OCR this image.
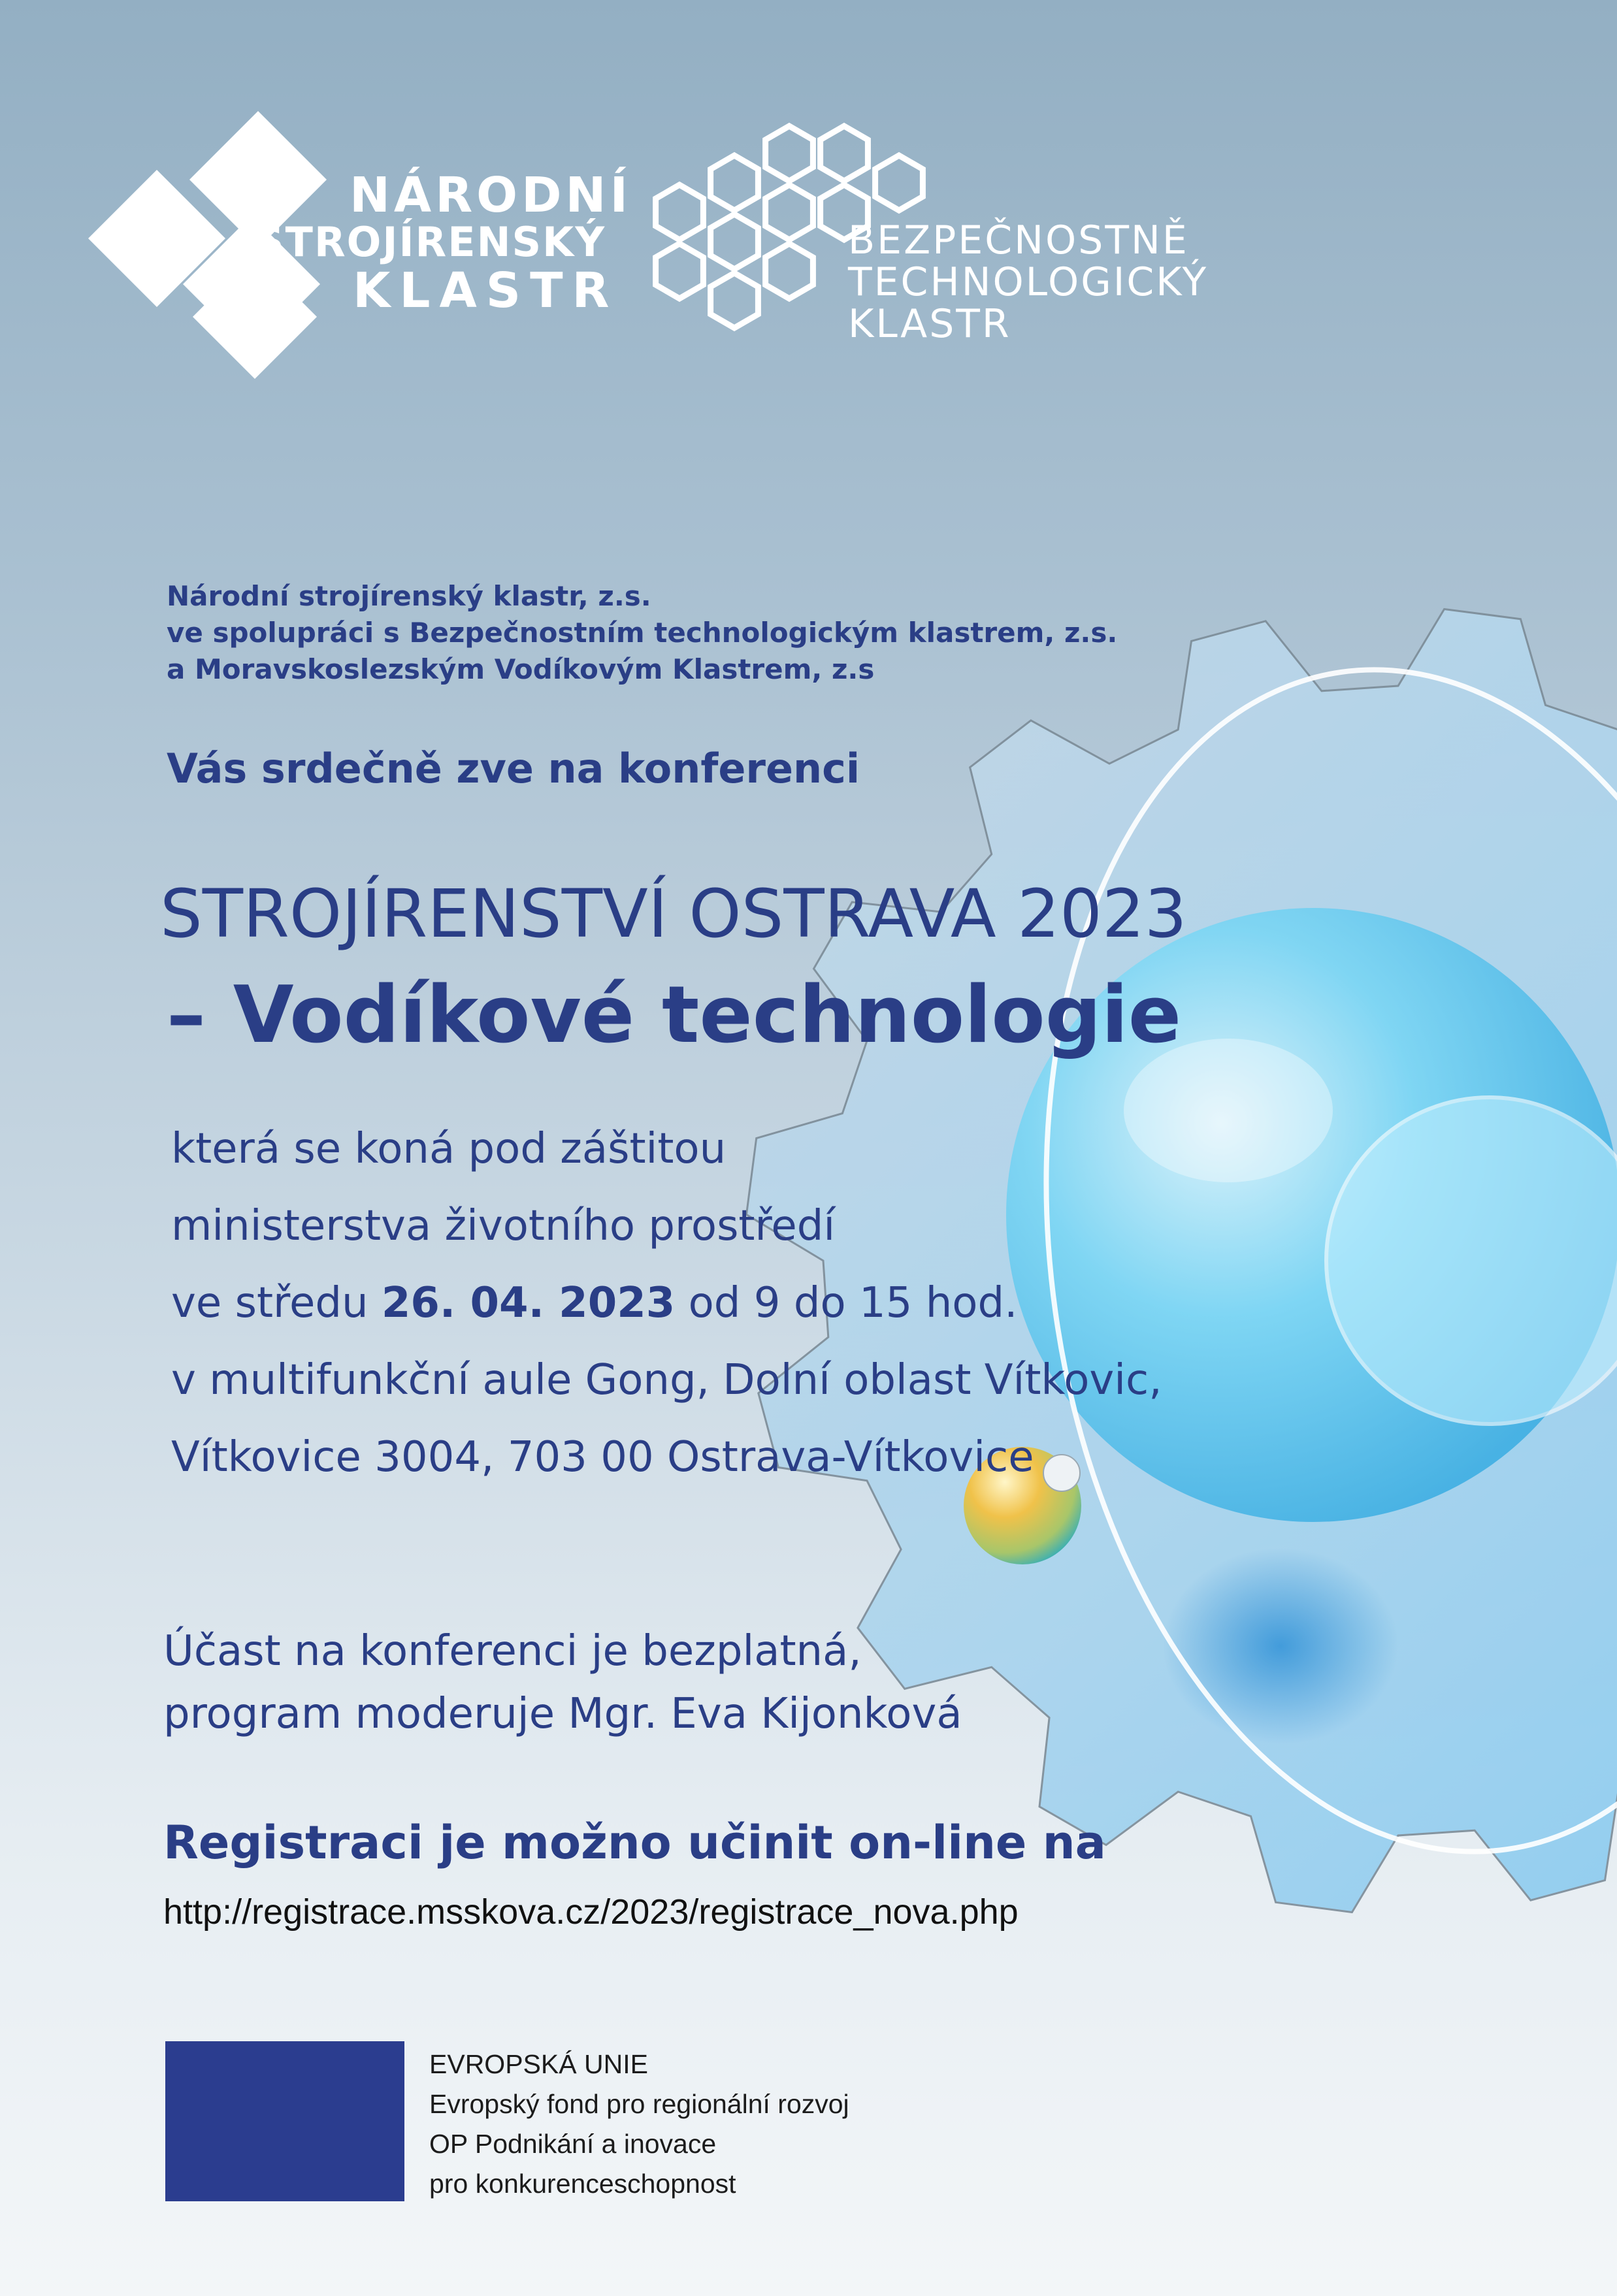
NÁRODNÍ
STROJÍRENSKÝ
KLASTR
BEZPEČNOSTNĚ
TECHNOLOGICKÝ
KLASTR
Národní strojírenský klastr, z.s.
ve spolupráci s Bezpečnostním technologickým klastrem, z.s.
a Moravskoslezským Vodíkovým Klastrem, z.s
Vás srdečně zve na konferenci
STROJÍRENSTVÍ OSTRAVA 2023
– Vodíkové technologie
která se koná pod záštitou
ministerstva životního prostředí
ve středu 26. 04. 2023 od 9 do 15 hod.
v multifunkční aule Gong, Dolní oblast Vítkovic,
Vítkovice 3004, 703 00 Ostrava-Vítkovice
Účast na konferenci je bezplatná,
program moderuje Mgr. Eva Kijonková
Registraci je možno učinit on-line na
http://registrace.msskova.cz/2023/registrace_nova.php
EVROPSKÁ UNIE
Evropský fond pro regionální rozvoj
OP Podnikání a inovace
pro konkurenceschopnost
